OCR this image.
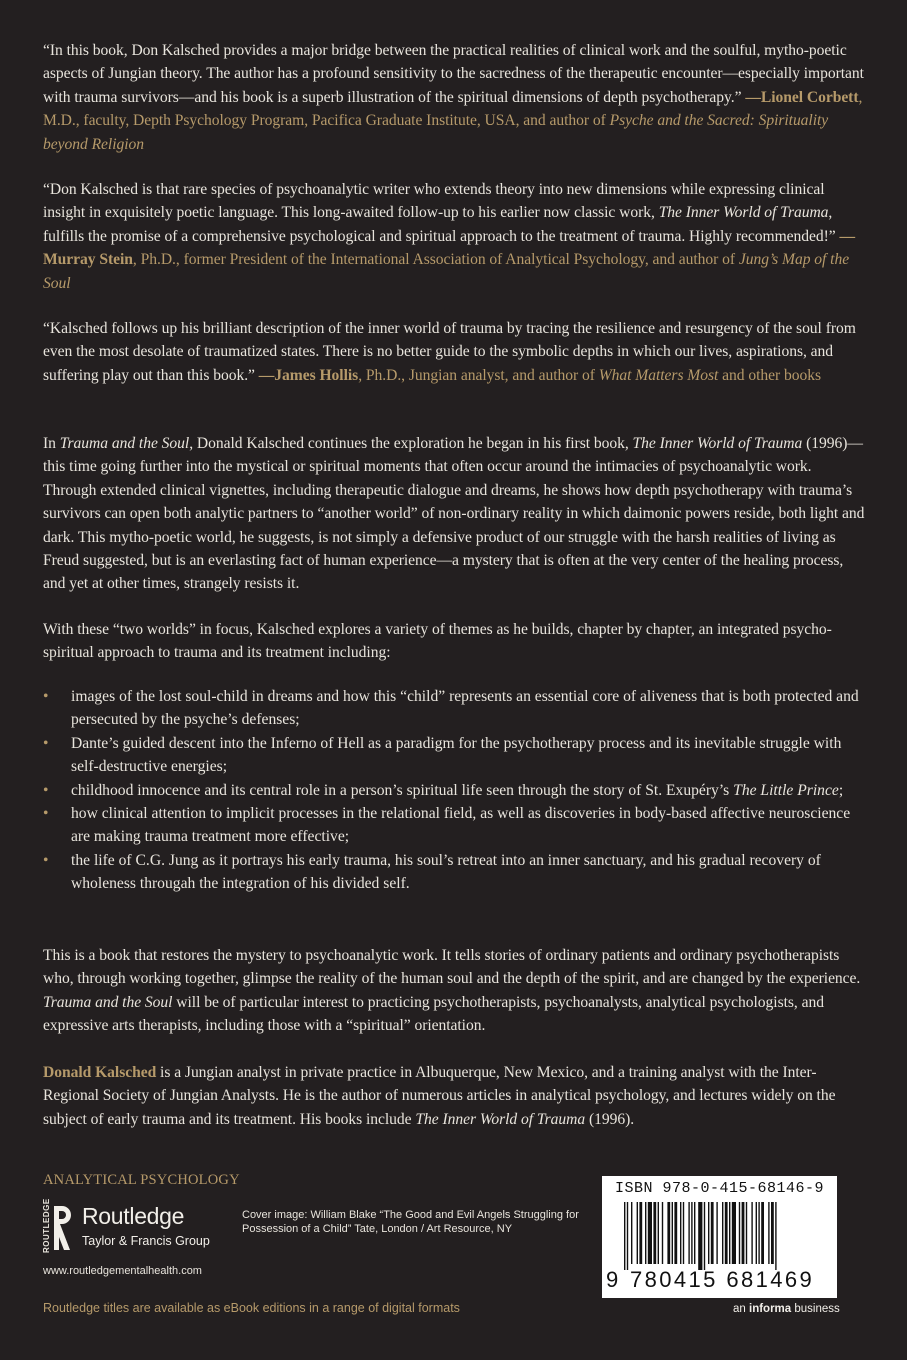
“In this book, Don Kalsched provides a major bridge between the practical realities of clinical work and the soulful, mytho-poetic aspects of Jungian theory. The author has a profound sensitivity to the sacredness of the therapeutic encounter—especially important with trauma survivors—and his book is a superb illustration of the spiritual dimensions of depth psychotherapy.” —Lionel Corbett, M.D., faculty, Depth Psychology Program, Pacifica Graduate Institute, USA, and author of Psyche and the Sacred: Spirituality beyond Religion

“Don Kalsched is that rare species of psychoanalytic writer who extends theory into new dimensions while expressing clinical insight in exquisitely poetic language. This long-awaited follow-up to his earlier now classic work, The Inner World of Trauma, fulfills the promise of a comprehensive psychological and spiritual approach to the treatment of trauma. Highly recommended!” —Murray Stein, Ph.D., former President of the International Association of Analytical Psychology, and author of Jung’s Map of the Soul

“Kalsched follows up his brilliant description of the inner world of trauma by tracing the resilience and resurgency of the soul from even the most desolate of traumatized states. There is no better guide to the symbolic depths in which our lives, aspirations, and suffering play out than this book.” —James Hollis, Ph.D., Jungian analyst, and author of What Matters Most and other books

In Trauma and the Soul, Donald Kalsched continues the exploration he began in his first book, The Inner World of Trauma (1996)—this time going further into the mystical or spiritual moments that often occur around the intimacies of psychoanalytic work. Through extended clinical vignettes, including therapeutic dialogue and dreams, he shows how depth psychotherapy with trauma’s survivors can open both analytic partners to “another world” of non-ordinary reality in which daimonic powers reside, both light and dark. This mytho-poetic world, he suggests, is not simply a defensive product of our struggle with the harsh realities of living as Freud suggested, but is an everlasting fact of human experience—a mystery that is often at the very center of the healing process, and yet at other times, strangely resists it.

With these “two worlds” in focus, Kalsched explores a variety of themes as he builds, chapter by chapter, an integrated psycho-spiritual approach to trauma and its treatment including:

• images of the lost soul-child in dreams and how this “child” represents an essential core of aliveness that is both protected and persecuted by the psyche’s defenses;
• Dante’s guided descent into the Inferno of Hell as a paradigm for the psychotherapy process and its inevitable struggle with self-destructive energies;
• childhood innocence and its central role in a person’s spiritual life seen through the story of St. Exupéry’s The Little Prince;
• how clinical attention to implicit processes in the relational field, as well as discoveries in body-based affective neuroscience are making trauma treatment more effective;
• the life of C.G. Jung as it portrays his early trauma, his soul’s retreat into an inner sanctuary, and his gradual recovery of wholeness througah the integration of his divided self.

This is a book that restores the mystery to psychoanalytic work. It tells stories of ordinary patients and ordinary psychotherapists who, through working together, glimpse the reality of the human soul and the depth of the spirit, and are changed by the experience. Trauma and the Soul will be of particular interest to practicing psychotherapists, psychoanalysts, analytical psychologists, and expressive arts therapists, including those with a “spiritual” orientation.

Donald Kalsched is a Jungian analyst in private practice in Albuquerque, New Mexico, and a training analyst with the Inter-Regional Society of Jungian Analysts. He is the author of numerous articles in analytical psychology, and lectures widely on the subject of early trauma and its treatment. His books include The Inner World of Trauma (1996).

ANALYTICAL PSYCHOLOGY
ROUTLEDGE Routledge
Taylor & Francis Group
Cover image: William Blake “The Good and Evil Angels Struggling for Possession of a Child” Tate, London / Art Resource, NY
www.routledgementalhealth.com
Routledge titles are available as eBook editions in a range of digital formats
ISBN 978-0-415-68146-9
9 780415 681469
an informa business
